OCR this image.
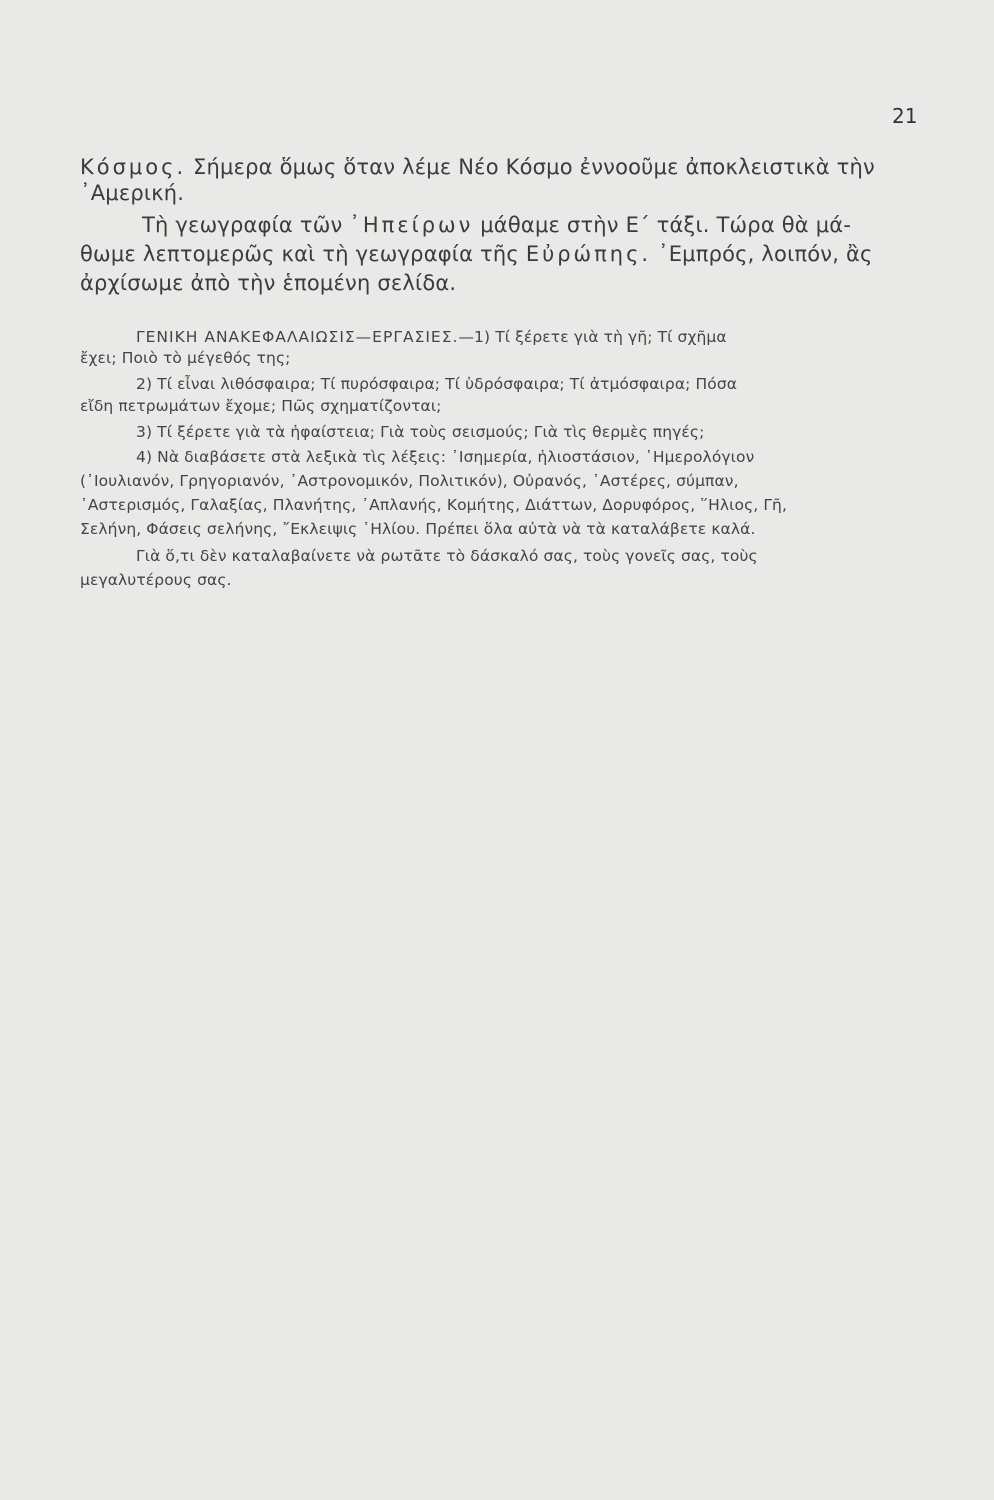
21
Κόσμος. Σήμερα ὅμως ὅταν λέμε Νέο Κόσμο ἐννοοῦμε ἀποκλειστικὰ τὴν
᾿Αμερική.
Τὴ γεωγραφία τῶν ᾿Ηπείρων μάθαμε στὴν Ε΄ τάξι. Τώρα θὰ μά-
θωμε λεπτομερῶς καὶ τὴ γεωγραφία τῆς Εὐρώπης. ᾿Εμπρός, λοιπόν, ἂς
ἀρχίσωμε ἀπὸ τὴν ἑπομένη σελίδα.
ΓΕΝΙΚΗ ΑΝΑΚΕΦΑΛΑΙΩΣΙΣ—ΕΡΓΑΣΙΕΣ.—1) Τί ξέρετε γιὰ τὴ γῆ; Τί σχῆμα
ἔχει; Ποιὸ τὸ μέγεθός της;
2) Τί εἶναι λιθόσφαιρα; Τί πυρόσφαιρα; Τί ὑδρόσφαιρα; Τί ἀτμόσφαιρα; Πόσα
εἴδη πετρωμάτων ἔχομε; Πῶς σχηματίζονται;
3) Τί ξέρετε γιὰ τὰ ἡφαίστεια; Γιὰ τοὺς σεισμούς; Γιὰ τὶς θερμὲς πηγές;
4) Νὰ διαβάσετε στὰ λεξικὰ τὶς λέξεις: ᾿Ισημερία, ἡλιοστάσιον, ῾Ημερολόγιον
(᾿Ιουλιανόν, Γρηγοριανόν, ᾿Αστρονομικόν, Πολιτικόν), Οὐρανός, ᾿Αστέρες, σύμπαν,
᾿Αστερισμός, Γαλαξίας, Πλανήτης, ᾿Απλανής, Κομήτης, Διάττων, Δορυφόρος, ῞Ηλιος, Γῆ,
Σελήνη, Φάσεις σελήνης, ῎Εκλειψις ῾Ηλίου. Πρέπει ὅλα αὐτὰ νὰ τὰ καταλάβετε καλά.
Γιὰ ὅ,τι δὲν καταλαβαίνετε νὰ ρωτᾶτε τὸ δάσκαλό σας, τοὺς γονεῖς σας, τοὺς
μεγαλυτέρους σας.
